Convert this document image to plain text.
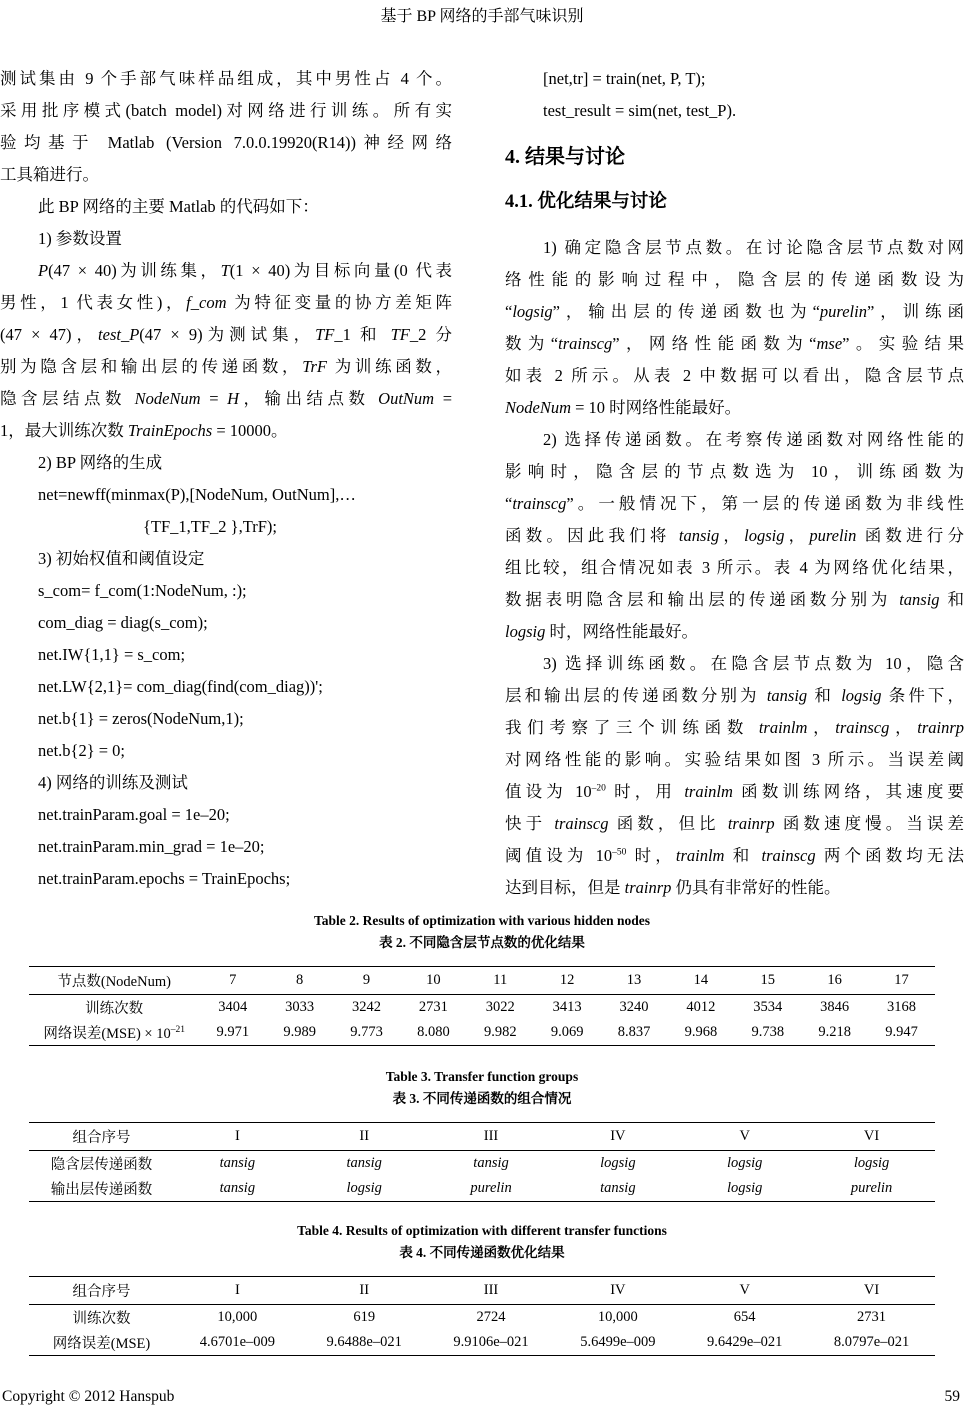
基于 BP 网络的手部气味识别
测试集由 9 个手部气味样品组成，其中男性占 4 个。
采用批序模式(batch model)对网络进行训练。所有实
验均基于 Matlab (Version 7.0.0.19920(R14))神经网络
工具箱进行。
此 BP 网络的主要 Matlab 的代码如下：
1) 参数设置
P(47 × 40)为训练集，T(1 × 40)为目标向量(0 代表
男性，1 代表女性)，f_com 为特征变量的协方差矩阵
(47 × 47)，test_P(47 × 9)为测试集，TF_1 和 TF_2 分
别为隐含层和输出层的传递函数，TrF 为训练函数，
隐含层结点数 NodeNum = H，输出结点数 OutNum =
1，最大训练次数 TrainEpochs = 10000。
2) BP 网络的生成
net=newff(minmax(P),[NodeNum, OutNum],…
{TF_1,TF_2 },TrF);
3) 初始权值和阈值设定
s_com= f_com(1:NodeNum, :);
com_diag = diag(s_com);
net.IW{1,1} = s_com;
net.LW{2,1}= com_diag(find(com_diag))';
net.b{1} = zeros(NodeNum,1);
net.b{2} = 0;
4) 网络的训练及测试
net.trainParam.goal = 1e–20;
net.trainParam.min_grad = 1e–20;
net.trainParam.epochs = TrainEpochs;
[net,tr] = train(net, P, T);
test_result = sim(net, test_P).
4. 结果与讨论
4.1. 优化结果与讨论
1) 确定隐含层节点数。在讨论隐含层节点数对网
络性能的影响过程中，隐含层的传递函数设为
“logsig”，输出层的传递函数也为“purelin”，训练函
数为“trainscg”，网络性能函数为“mse”。实验结果
如表 2 所示。从表 2 中数据可以看出，隐含层节点
NodeNum = 10 时网络性能最好。
2) 选择传递函数。在考察传递函数对网络性能的
影响时，隐含层的节点数选为 10，训练函数为
“trainscg”。一般情况下，第一层的传递函数为非线性
函数。因此我们将 tansig，logsig，purelin 函数进行分
组比较，组合情况如表 3 所示。表 4 为网络优化结果，
数据表明隐含层和输出层的传递函数分别为 tansig 和
logsig 时，网络性能最好。
3) 选择训练函数。在隐含层节点数为 10，隐含
层和输出层的传递函数分别为 tansig 和 logsig 条件下，
我们考察了三个训练函数 trainlm，trainscg，trainrp
对网络性能的影响。实验结果如图 3 所示。当误差阈
值设为 $10^{-20}$ 时，用 trainlm 函数训练网络，其速度要
快于 trainscg 函数，但比 trainrp 函数速度慢。当误差
阈值设为 $10^{-50}$ 时，trainlm 和 trainscg 两个函数均无法
达到目标，但是 trainrp 仍具有非常好的性能。
Table 2. Results of optimization with various hidden nodes
表 2. 不同隐含层节点数的优化结果
节点数(NodeNum)	7	8	9	10	11	12	13	14	15	16	17
训练次数	3404	3033	3242	2731	3022	3413	3240	4012	3534	3846	3168
网络误差$(MSE) \times 10^{-21}$	9.971	9.989	9.773	8.080	9.982	9.069	8.837	9.968	9.738	9.218	9.947
Table 3. Transfer function groups
表 3. 不同传递函数的组合情况
组合序号	I	II	III	IV	V	VI
隐含层传递函数	tansig	tansig	tansig	logsig	logsig	logsig
输出层传递函数	tansig	logsig	purelin	tansig	logsig	purelin
Table 4. Results of optimization with different transfer functions
表 4. 不同传递函数优化结果
组合序号	I	II	III	IV	V	VI
训练次数	10,000	619	2724	10,000	654	2731
网络误差(MSE)	4.6701e–009	9.6488e–021	9.9106e–021	5.6499e–009	9.6429e–021	8.0797e–021
Copyright © 2012 Hanspub	59
